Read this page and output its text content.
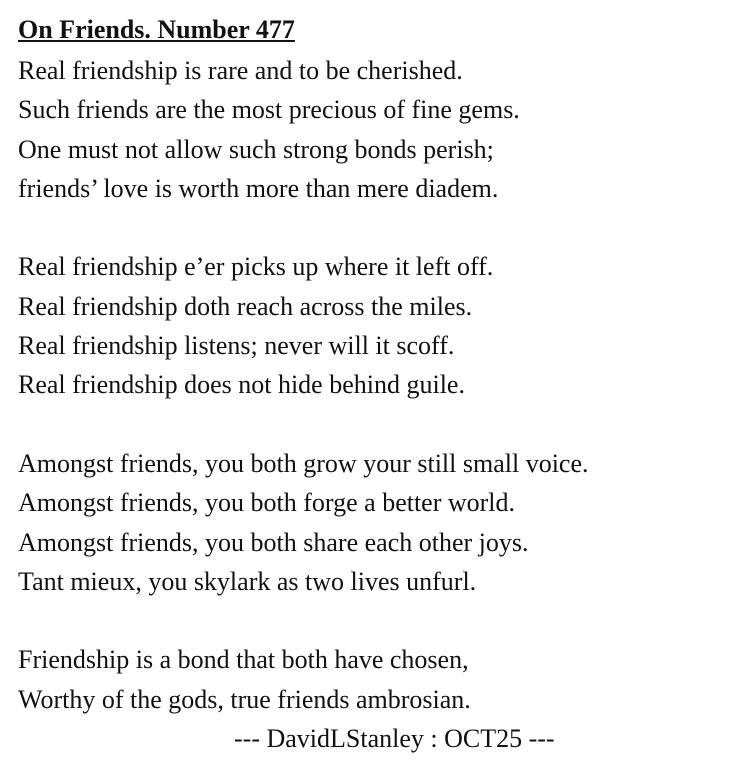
On Friends. Number 477
Real friendship is rare and to be cherished.
Such friends are the most precious of fine gems.
One must not allow such strong bonds perish;
friends’ love is worth more than mere diadem.
Real friendship e’er picks up where it left off.
Real friendship doth reach across the miles.
Real friendship listens; never will it scoff.
Real friendship does not hide behind guile.
Amongst friends, you both grow your still small voice.
Amongst friends, you both forge a better world.
Amongst friends, you both share each other joys.
Tant mieux, you skylark as two lives unfurl.
Friendship is a bond that both have chosen,
Worthy of the gods, true friends ambrosian.
--- DavidLStanley : OCT25 ---
